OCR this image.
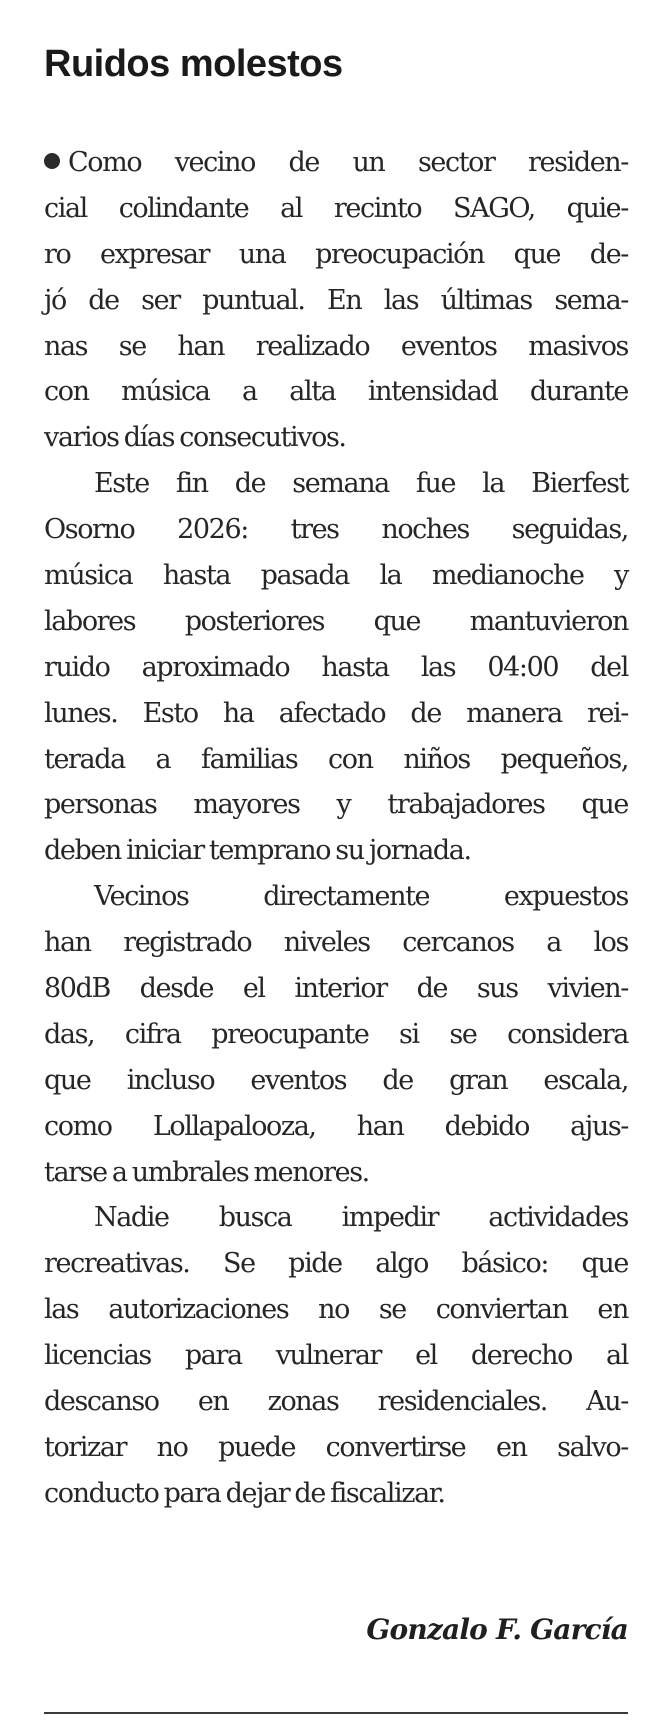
Ruidos molestos
Como vecino de un sector residen-
cial colindante al recinto SAGO, quie-
ro expresar una preocupación que de-
jó de ser puntual. En las últimas sema-
nas se han realizado eventos masivos
con música a alta intensidad durante
varios días consecutivos.
Este fin de semana fue la Bierfest
Osorno 2026: tres noches seguidas,
música hasta pasada la medianoche y
labores posteriores que mantuvieron
ruido aproximado hasta las 04:00 del
lunes. Esto ha afectado de manera rei-
terada a familias con niños pequeños,
personas mayores y trabajadores que
deben iniciar temprano su jornada.
Vecinos directamente expuestos
han registrado niveles cercanos a los
80dB desde el interior de sus vivien-
das, cifra preocupante si se considera
que incluso eventos de gran escala,
como Lollapalooza, han debido ajus-
tarse a umbrales menores.
Nadie busca impedir actividades
recreativas. Se pide algo básico: que
las autorizaciones no se conviertan en
licencias para vulnerar el derecho al
descanso en zonas residenciales. Au-
torizar no puede convertirse en salvo-
conducto para dejar de fiscalizar.
Gonzalo F. García
